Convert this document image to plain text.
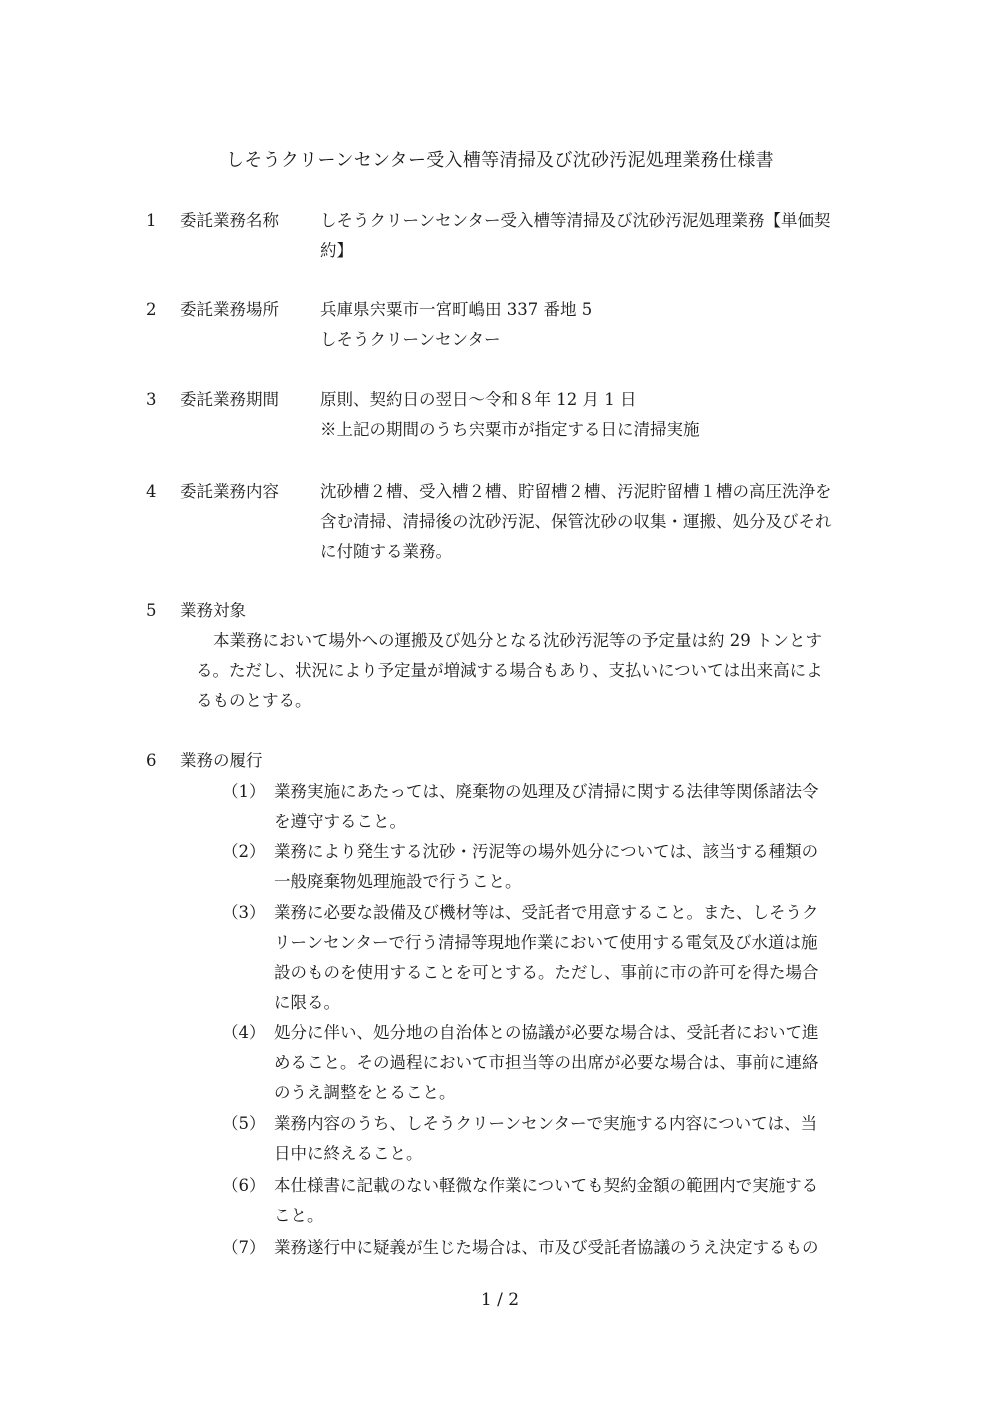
しそうクリーンセンター受入槽等清掃及び沈砂汚泥処理業務仕様書
1 委託業務名称 しそうクリーンセンター受入槽等清掃及び沈砂汚泥処理業務【単価契
約】
2 委託業務場所 兵庫県宍粟市一宮町嶋田 337 番地 5
しそうクリーンセンター
3 委託業務期間 原則、契約日の翌日～令和８年 12 月 1 日
※上記の期間のうち宍粟市が指定する日に清掃実施
4 委託業務内容 沈砂槽２槽、受入槽２槽、貯留槽２槽、汚泥貯留槽１槽の高圧洗浄を
含む清掃、清掃後の沈砂汚泥、保管沈砂の収集・運搬、処分及びそれ
に付随する業務。
5 業務対象
本業務において場外への運搬及び処分となる沈砂汚泥等の予定量は約 29 トンとす
る。ただし、状況により予定量が増減する場合もあり、支払いについては出来高によ
るものとする。
6 業務の履行
（1） 業務実施にあたっては、廃棄物の処理及び清掃に関する法律等関係諸法令
を遵守すること。
（2） 業務により発生する沈砂・汚泥等の場外処分については、該当する種類の
一般廃棄物処理施設で行うこと。
（3） 業務に必要な設備及び機材等は、受託者で用意すること。また、しそうク
リーンセンターで行う清掃等現地作業において使用する電気及び水道は施
設のものを使用することを可とする。ただし、事前に市の許可を得た場合
に限る。
（4） 処分に伴い、処分地の自治体との協議が必要な場合は、受託者において進
めること。その過程において市担当等の出席が必要な場合は、事前に連絡
のうえ調整をとること。
（5） 業務内容のうち、しそうクリーンセンターで実施する内容については、当
日中に終えること。
（6） 本仕様書に記載のない軽微な作業についても契約金額の範囲内で実施する
こと。
（7） 業務遂行中に疑義が生じた場合は、市及び受託者協議のうえ決定するもの
1 / 2
